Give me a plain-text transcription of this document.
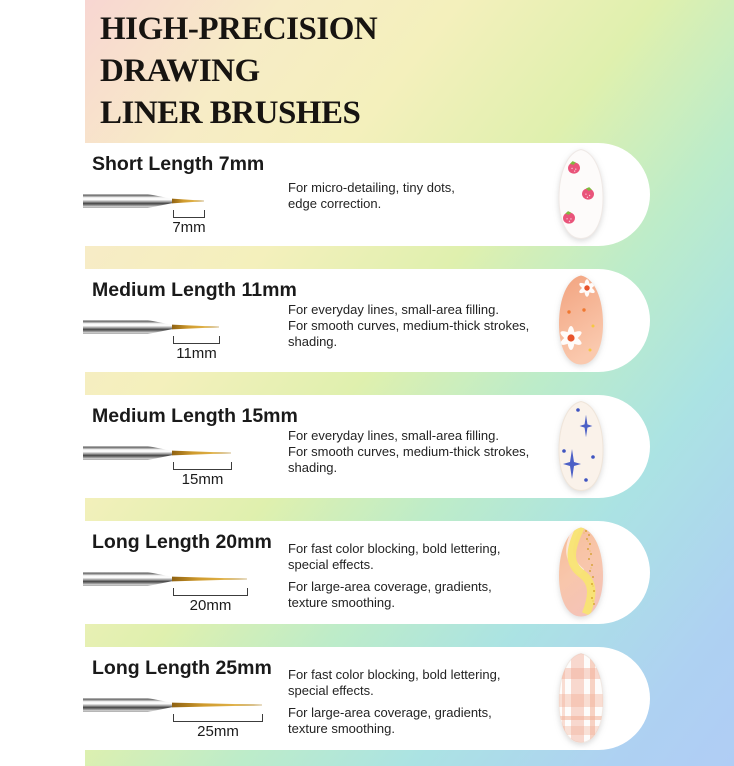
HIGH-PRECISION
DRAWING
LINER BRUSHES
Short Length 7mm
7mm
For micro-detailing, tiny dots,
edge correction.
Medium Length 11mm
11mm
For everyday lines, small-area filling.
For smooth curves, medium-thick strokes,
shading.
Medium Length 15mm
15mm
For everyday lines, small-area filling.
For smooth curves, medium-thick strokes,
shading.
Long Length 20mm
20mm
For fast color blocking, bold lettering,
special effects.
For large-area coverage, gradients,
texture smoothing.
Long Length 25mm
25mm
For fast color blocking, bold lettering,
special effects.
For large-area coverage, gradients,
texture smoothing.
